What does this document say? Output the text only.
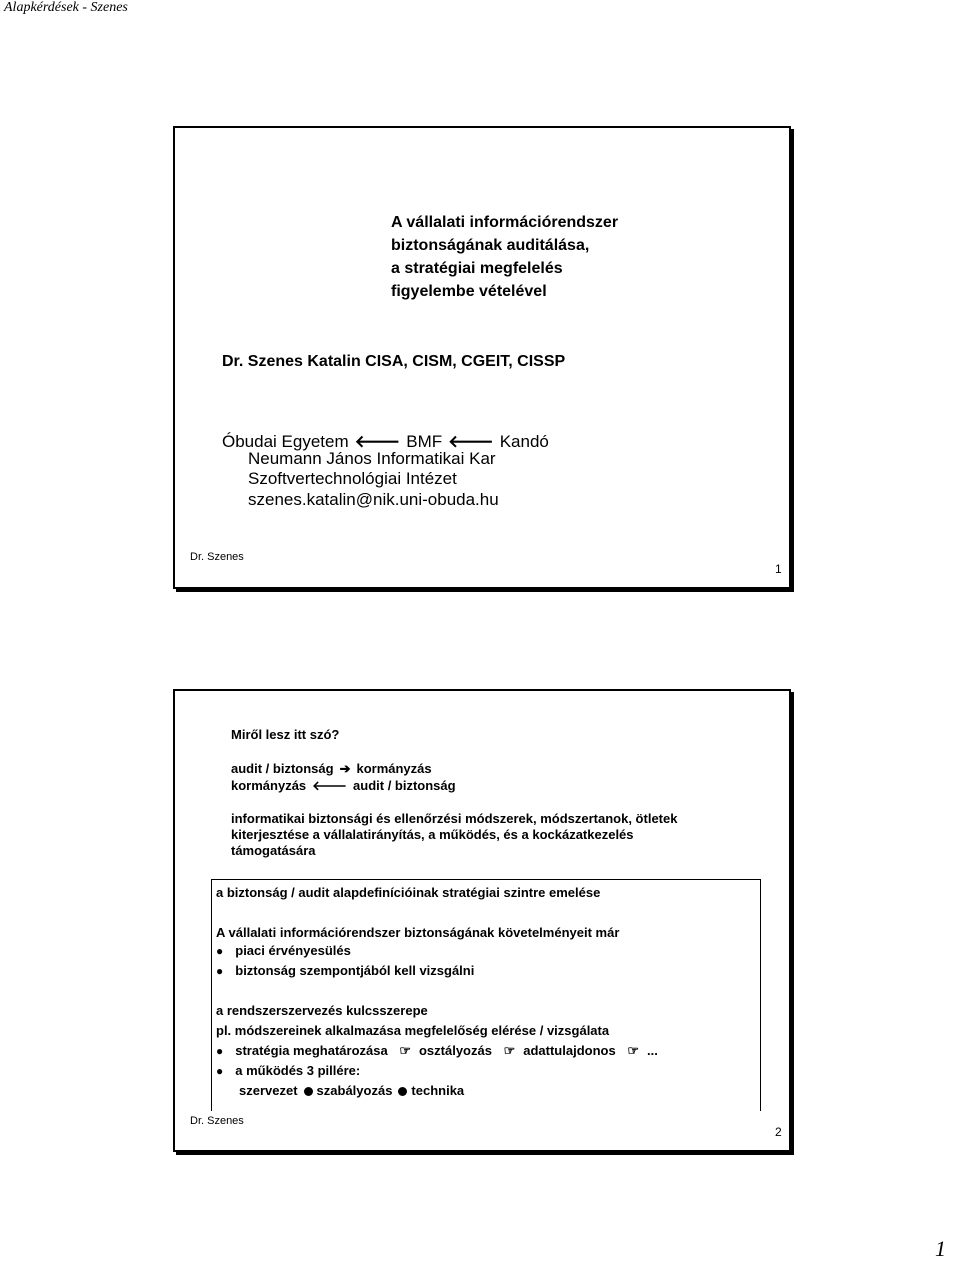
Alapkérdések - Szenes
A vállalati információrendszer
biztonságának auditálása,
a stratégiai megfelelés
figyelembe vételével
Dr. Szenes Katalin CISA, CISM, CGEIT, CISSP
Óbudai Egyetem 🡐 BMF 🡐 Kandó
Neumann János Informatikai Kar
Szoftvertechnológiai Intézet
szenes.katalin@nik.uni-obuda.hu
Dr. Szenes
1
Miről lesz itt szó?
audit / biztonság ➔ kormányzás
kormányzás 🡐 audit / biztonság
informatikai biztonsági és ellenőrzési módszerek, módszertanok, ötletek
kiterjesztése a vállalatirányítás, a működés, és a kockázatkezelés
támogatására
a biztonság / audit alapdefinícióinak stratégiai szintre emelése
A vállalati információrendszer biztonságának követelményeit már
● piaci érvényesülés
● biztonság szempontjából kell vizsgálni
a rendszerszervezés kulcsszerepe
pl. módszereinek alkalmazása megfelelőség elérése / vizsgálata
● stratégia meghatározása ☞ osztályozás ☞ adattulajdonos ☞ ...
● a működés 3 pillére:
szervezet szabályozás technika
Dr. Szenes
2
1
